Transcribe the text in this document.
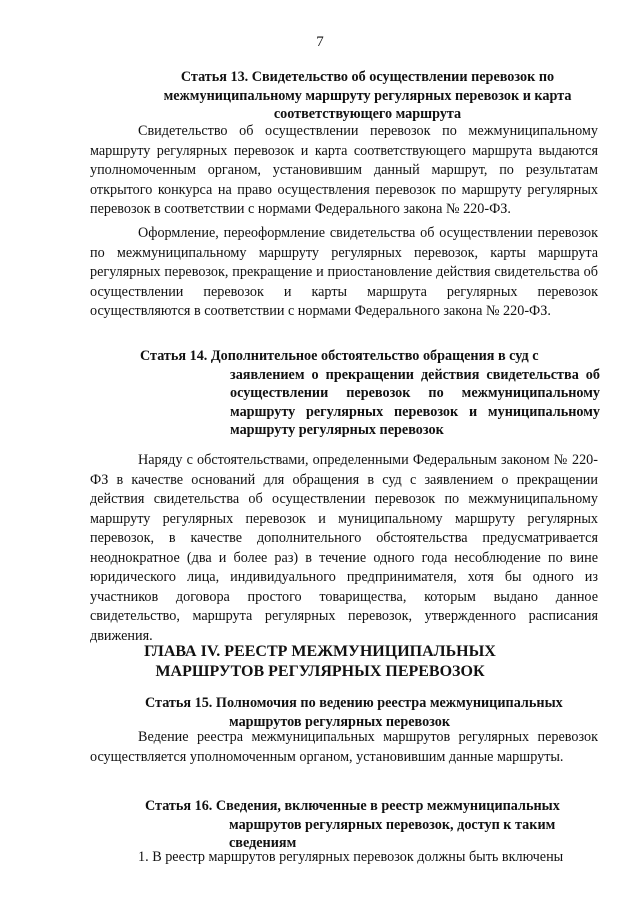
7
Статья 13. Свидетельство об осуществлении перевозок по межмуниципальному маршруту регулярных перевозок и карта соответствующего маршрута

Свидетельство об осуществлении перевозок по межмуниципальному маршруту регулярных перевозок и карта соответствующего маршрута выдаются уполномоченным органом, установившим данный маршрут, по результатам открытого конкурса на право осуществления перевозок по маршруту регулярных перевозок в соответствии с нормами Федерального закона № 220-ФЗ.

Оформление, переоформление свидетельства об осуществлении перевозок по межмуниципальному маршруту регулярных перевозок, карты маршрута регулярных перевозок, прекращение и приостановление действия свидетельства об осуществлении перевозок и карты маршрута регулярных перевозок осуществляются в соответствии с нормами Федерального закона № 220-ФЗ.

Статья 14. Дополнительное обстоятельство обращения в суд с
заявлением о прекращении действия свидетельства об осуществлении перевозок по межмуниципальному маршруту регулярных перевозок и муниципальному маршруту регулярных перевозок

Наряду с обстоятельствами, определенными Федеральным законом № 220-ФЗ в качестве оснований для обращения в суд с заявлением о прекращении действия свидетельства об осуществлении перевозок по межмуниципальному маршруту регулярных перевозок и муниципальному маршруту регулярных перевозок, в качестве дополнительного обстоятельства предусматривается неоднократное (два и более раз) в течение одного года несоблюдение по вине юридического лица, индивидуального предпринимателя, хотя бы одного из участников договора простого товарищества, которым выдано данное свидетельство, маршрута регулярных перевозок, утвержденного расписания движения.

ГЛАВА IV. РЕЕСТР МЕЖМУНИЦИПАЛЬНЫХ МАРШРУТОВ РЕГУЛЯРНЫХ ПЕРЕВОЗОК
Статья 15. Полномочия по ведению реестра межмуниципальных
маршрутов регулярных перевозок

Ведение реестра межмуниципальных маршрутов регулярных перевозок осуществляется уполномоченным органом, установившим данные маршруты.

Статья 16. Сведения, включенные в реестр межмуниципальных
маршрутов регулярных перевозок, доступ к таким сведениям

1. В реестр маршрутов регулярных перевозок должны быть включены
